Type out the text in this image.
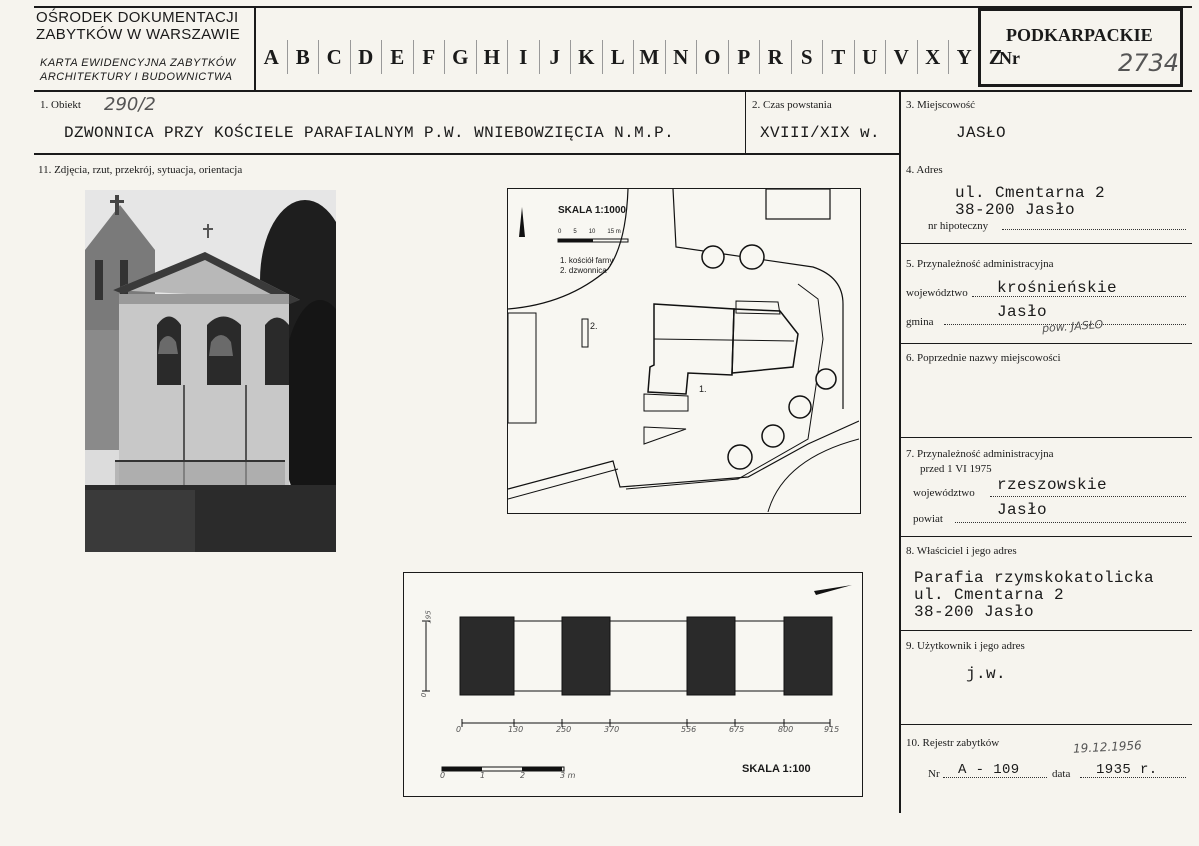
OŚRODEK DOKUMENTACJI
ZABYTKÓW W WARSZAWIE
KARTA EWIDENCYJNA ZABYTKÓW
ARCHITEKTURY I BUDOWNICTWA
A B C D E F G H I	J K L M N O P R S T U V X Y Z
PODKARPACKIE
Nr	2734
1. Obiekt 290/2
DZWONNICA PRZY KOŚCIELE PARAFIALNYM P.W. WNIEBOWZIĘCIA N.M.P.
2. Czas powstania
XVIII/XIX w.
3. Miejscowość
JASŁO
11. Zdjęcia, rzut, przekrój, sytuacja, orientacja	4. Adres
ul. Cmentarna 2
38-200 Jasło
nr hipoteczny
5. Przynależność administracyjna
województwo krośnieńskie
gmina
Jasło
pow. JASŁO
6. Poprzednie nazwy miejscowości
7. Przynależność administracyjna
przed 1 VI 1975
województwo rzeszowskie
powiat	Jasło
8. Właściciel i jego adres
Parafia rzymskokatolicka
ul. Cmentarna 2
38-200 Jasło
9. Użytkownik i jego adres
j.w.
10. Rejestr zabytków	19.12.1956
Nr A - 109	data 1935 r.
SKALA 1:1000
0 5 10 15 m
1. kościół farny
2. dzwonnica
1.
2.
0
195
0	130	250	370	556	675	800	915
0	1	2	3 m
SKALA 1:100
